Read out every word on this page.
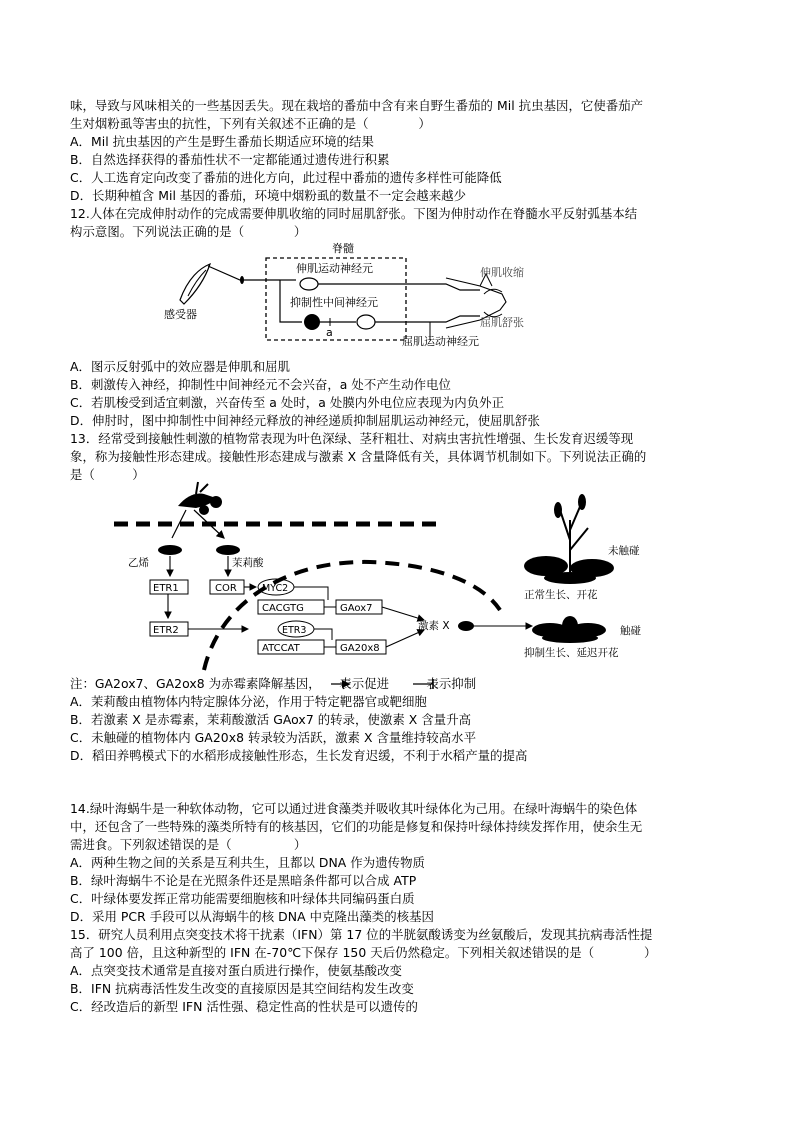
味，导致与风味相关的一些基因丢失。现在栽培的番茄中含有来自野生番茄的 Mil 抗虫基因，它使番茄产
生对烟粉虱等害虫的抗性，下列有关叙述不正确的是（　　　　）
A．Mil 抗虫基因的产生是野生番茄长期适应环境的结果
B．自然选择获得的番茄性状不一定都能通过遗传进行积累
C．人工选育定向改变了番茄的进化方向，此过程中番茄的遗传多样性可能降低
D．长期种植含 Mil 基因的番茄，环境中烟粉虱的数量不一定会越来越少
12.人体在完成伸肘动作的完成需要伸肌收缩的同时屈肌舒张。下图为伸肘动作在脊髓水平反射弧基本结
构示意图。下列说法正确的是（　　　　）
脊髓
感受器
伸肌运动神经元
抑制性中间神经元
a
屈肌运动神经元
伸肌收缩
屈肌舒张
A．图示反射弧中的效应器是伸肌和屈肌
B．刺激传入神经，抑制性中间神经元不会兴奋，a 处不产生动作电位
C．若肌梭受到适宜刺激，兴奋传至 a 处时，a 处膜内外电位应表现为内负外正
D．伸肘时，图中抑制性中间神经元释放的神经递质抑制屈肌运动神经元，使屈肌舒张
13．经常受到接触性刺激的植物常表现为叶色深绿、茎秆粗壮、对病虫害抗性增强、生长发育迟缓等现
象，称为接触性形态建成。接触性形态建成与激素 X 含量降低有关，具体调节机制如下。下列说法正确的
是（　　　）
乙烯	茉莉酸
ETR1
ETR2
COR	MYC2
CACGTG	GAox7
ETR3
ATCCAT	GA20x8
激素 X
未触碰
正常生长、开花
触碰
抑制生长、延迟开花
注：GA2ox7、GA2ox8 为赤霉素降解基因，　　表示促进　　　表示抑制
A．茉莉酸由植物体内特定腺体分泌，作用于特定靶器官或靶细胞
B．若激素 X 是赤霉素，茉莉酸激活 GAox7 的转录，使激素 X 含量升高
C．未触碰的植物体内 GA20x8 转录较为活跃，激素 X 含量维持较高水平
D．稻田养鸭模式下的水稻形成接触性形态，生长发育迟缓，不利于水稻产量的提高
14.绿叶海蜗牛是一种软体动物，它可以通过进食藻类并吸收其叶绿体化为己用。在绿叶海蜗牛的染色体
中，还包含了一些特殊的藻类所特有的核基因，它们的功能是修复和保持叶绿体持续发挥作用，使余生无
需进食。下列叙述错误的是（　　　　　）
A．两种生物之间的关系是互利共生，且都以 DNA 作为遗传物质
B．绿叶海蜗牛不论是在光照条件还是黑暗条件都可以合成 ATP
C．叶绿体要发挥正常功能需要细胞核和叶绿体共同编码蛋白质
D．采用 PCR 手段可以从海蜗牛的核 DNA 中克隆出藻类的核基因
15．研究人员利用点突变技术将干扰素（IFN）第 17 位的半胱氨酸诱变为丝氨酸后，发现其抗病毒活性提
高了 100 倍，且这种新型的 IFN 在-70℃下保存 150 天后仍然稳定。下列相关叙述错误的是（　　　　）
A．点突变技术通常是直接对蛋白质进行操作，使氨基酸改变
B．IFN 抗病毒活性发生改变的直接原因是其空间结构发生改变
C．经改造后的新型 IFN 活性强、稳定性高的性状是可以遗传的
